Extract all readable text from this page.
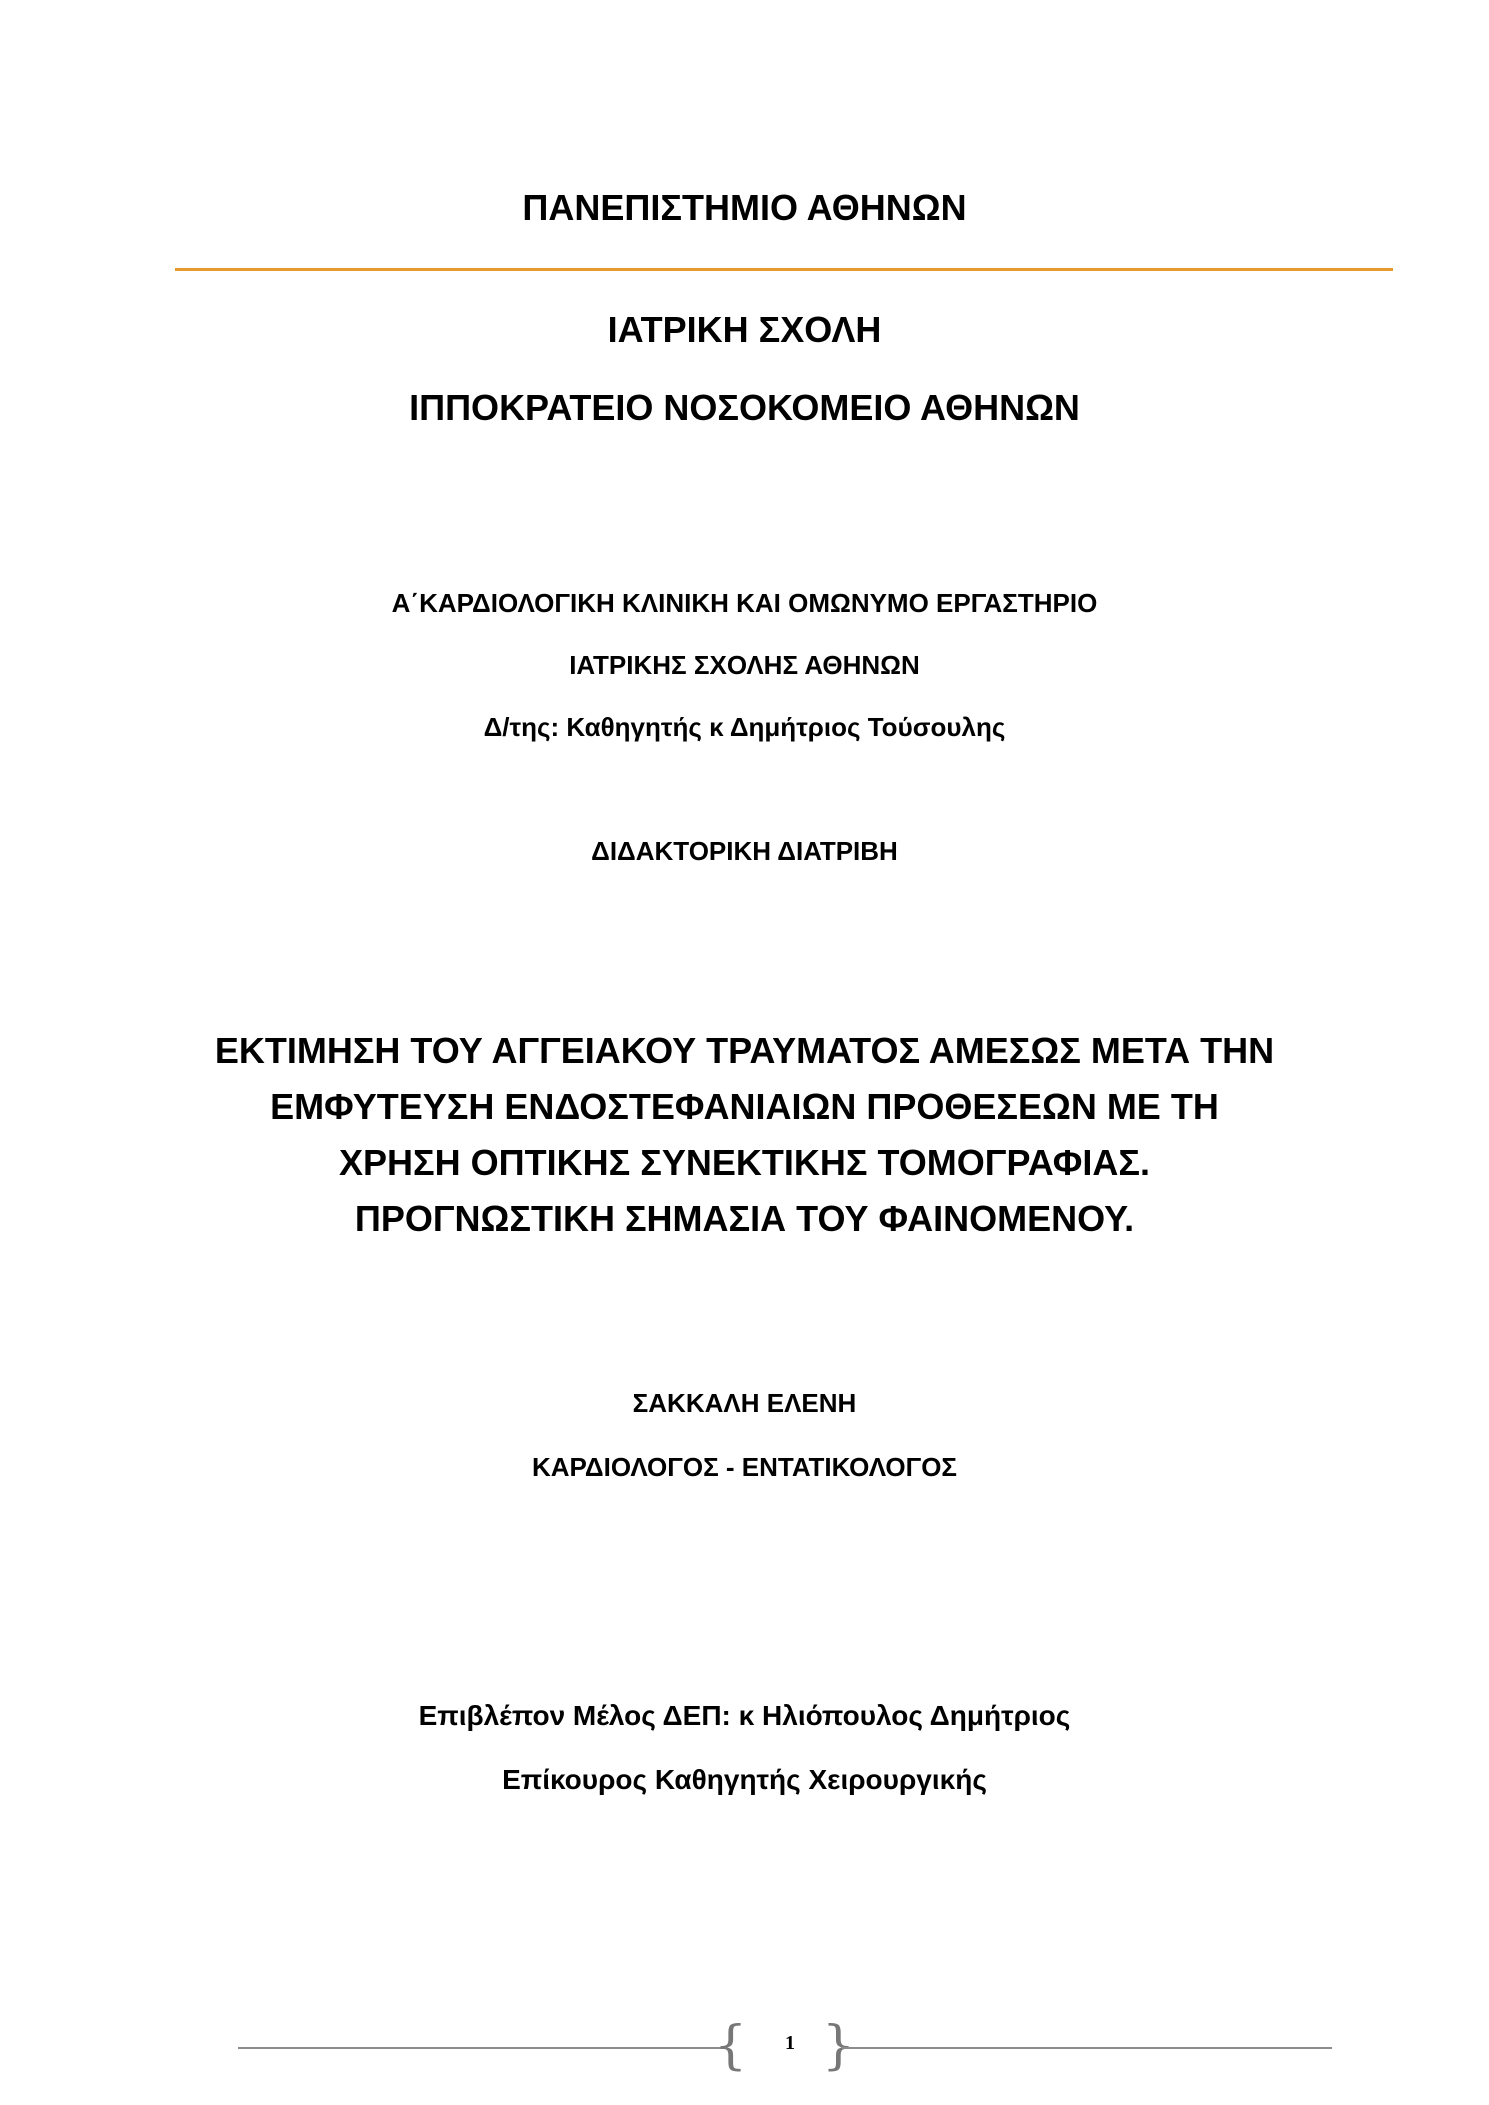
ΠΑΝΕΠΙΣΤΗΜΙΟ ΑΘΗΝΩΝ
ΙΑΤΡΙΚΗ ΣΧΟΛΗ
ΙΠΠΟΚΡΑΤΕΙΟ ΝΟΣΟΚΟΜΕΙΟ ΑΘΗΝΩΝ
Α΄ΚΑΡΔΙΟΛΟΓΙΚΗ ΚΛΙΝΙΚΗ ΚΑΙ ΟΜΩΝΥΜΟ ΕΡΓΑΣΤΗΡΙΟ
ΙΑΤΡΙΚΗΣ ΣΧΟΛΗΣ ΑΘΗΝΩΝ
Δ/της: Καθηγητής κ Δημήτριος Τούσουλης
ΔΙΔΑΚΤΟΡΙΚΗ ΔΙΑΤΡΙΒΗ
ΕΚΤΙΜΗΣΗ ΤΟΥ ΑΓΓΕΙΑΚΟΥ ΤΡΑΥΜΑΤΟΣ ΑΜΕΣΩΣ ΜΕΤΑ ΤΗΝ
ΕΜΦΥΤΕΥΣΗ ΕΝΔΟΣΤΕΦΑΝΙΑΙΩΝ ΠΡΟΘΕΣΕΩΝ ΜΕ ΤΗ
ΧΡΗΣΗ ΟΠΤΙΚΗΣ ΣΥΝΕΚΤΙΚΗΣ ΤΟΜΟΓΡΑΦΙΑΣ.
ΠΡΟΓΝΩΣΤΙΚΗ ΣΗΜΑΣΙΑ ΤΟΥ ΦΑΙΝΟΜΕΝΟΥ.
ΣΑΚΚΑΛΗ ΕΛΕΝΗ
ΚΑΡΔΙΟΛΟΓΟΣ - ΕΝΤΑΤΙΚΟΛΟΓΟΣ
Επιβλέπον Μέλος ΔΕΠ: κ Ηλιόπουλος Δημήτριος
Επίκουρος Καθηγητής Χειρουργικής
{	1 }
